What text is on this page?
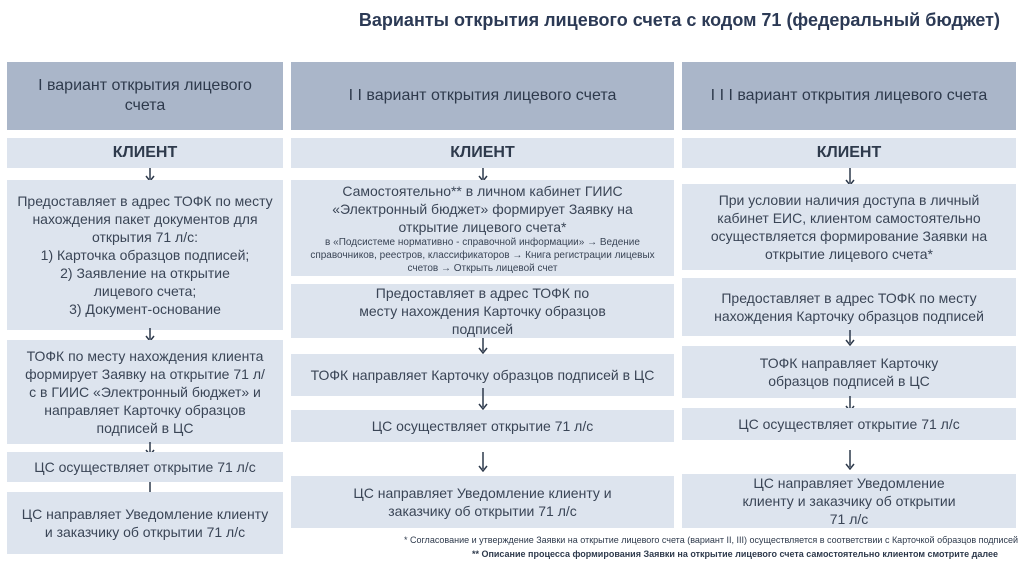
Варианты открытия лицевого счета с кодом 71 (федеральный бюджет)
I вариант открытия лицевого счета
КЛИЕНТ
Предоставляет в адрес ТОФК по месту нахождения пакет документов для открытия 71 л/с:
1) Карточка образцов подписей;
2) Заявление на открытие лицевого счета;
3) Документ-основание
ТОФК по месту нахождения клиента формирует Заявку на открытие 71 л/с в ГИИС «Электронный бюджет» и направляет Карточку образцов подписей в ЦС
ЦС осуществляет открытие 71 л/с
ЦС направляет Уведомление клиенту и заказчику об открытии 71 л/с
I I вариант открытия лицевого счета
КЛИЕНТ
Самостоятельно** в личном кабинет ГИИС «Электронный бюджет» формирует Заявку на открытие лицевого счета*
в «Подсистеме нормативно - справочной информации» → Ведение справочников, реестров, классификаторов → Книга регистрации лицевых счетов → Открыть лицевой счет
Предоставляет в адрес ТОФК по месту нахождения Карточку образцов подписей
ТОФК направляет Карточку образцов подписей в ЦС
ЦС осуществляет открытие 71 л/с
ЦС направляет Уведомление клиенту и заказчику об открытии 71 л/с
I I I вариант открытия лицевого счета
КЛИЕНТ
При условии наличия доступа в личный кабинет ЕИС, клиентом самостоятельно осуществляется формирование Заявки на открытие лицевого счета*
Предоставляет в адрес ТОФК по месту нахождения Карточку образцов подписей
ТОФК направляет Карточку образцов подписей в ЦС
ЦС осуществляет открытие 71 л/с
ЦС направляет Уведомление клиенту и заказчику об открытии 71 л/с
* Согласование и утверждение Заявки на открытие лицевого счета (вариант II, III) осуществляется в соответствии с Карточкой образцов подписей
** Описание процесса формирования Заявки на открытие лицевого счета самостоятельно клиентом смотрите далее
